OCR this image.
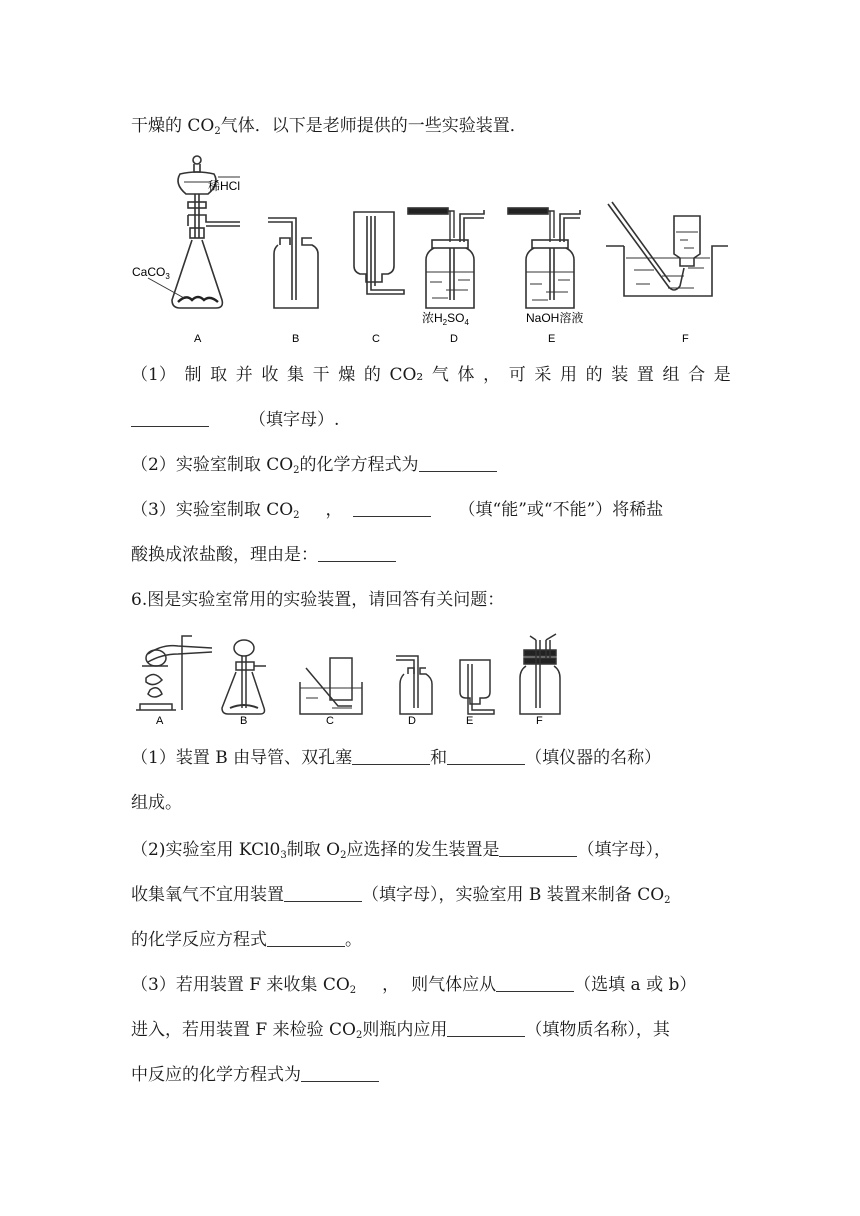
干燥的 $CO_2$气体．以下是老师提供的一些实验装置．
稀HCl
CaCO$_3$
浓$H_2SO_4$	NaOH溶液
A	B	C	D	E	F
（1） 制 取 并 收 集 干 燥 的 CO₂ 气 体 ， 可 采 用 的 装 置 组 合 是
（填字母）.
（2）实验室制取 $CO_2$的化学方程式为
（3）实验室制取 $CO_2$ ，	（填“能”或“不能”）将稀盐
酸换成浓盐酸，理由是：
6.图是实验室常用的实验装置，请回答有关问题：
A	B	C	D	E	F
（1）装置 B 由导管、双孔塞	和	（填仪器的名称）
组成。
（2)实验室用 $KCl0_3$制取 $O_2$应选择的发生装置是	（填字母），
收集氧气不宜用装置	（填字母），实验室用 B 装置来制备 $CO_2$
的化学反应方程式	。
（3）若用装置 F 来收集 $CO_2$ ， 则气体应从	（选填 a 或 b）
进入，若用装置 F 来检验 $CO_2$则瓶内应用	（填物质名称），其
中反应的化学方程式为
